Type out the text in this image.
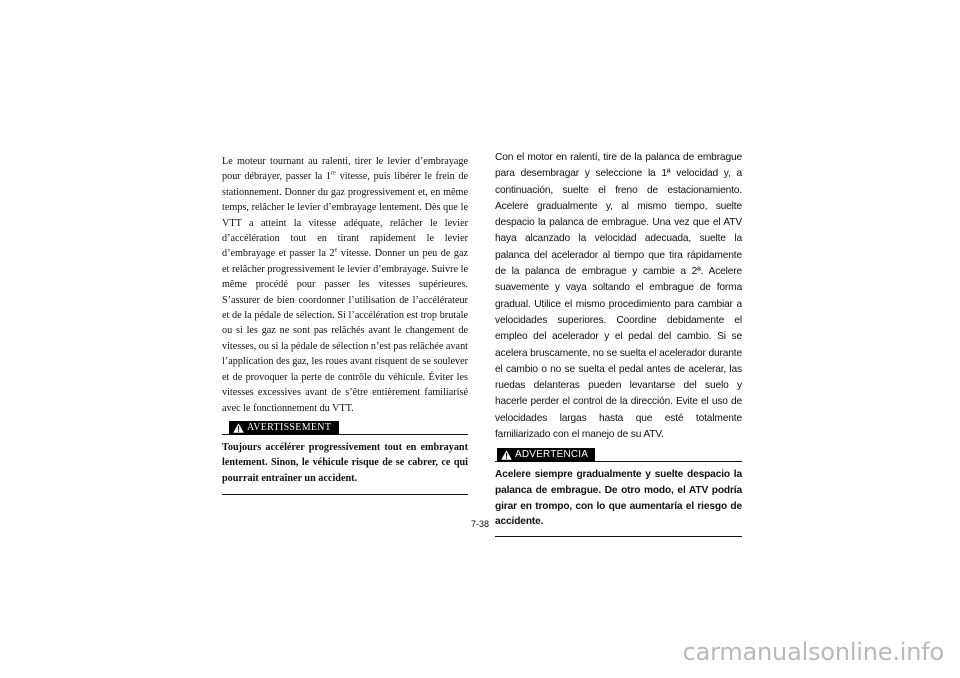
Le moteur tournant au ralenti, tirer le levier d’embrayage pour débrayer, passer la 1re vitesse, puis libérer le frein de stationnement. Donner du gaz progressivement et, en même temps, relâcher le levier d’embrayage lentement. Dès que le VTT a atteint la vitesse adéquate, relâcher le levier d’accélération tout en tirant rapidement le levier d’embrayage et passer la 2e vitesse. Donner un peu de gaz et relâcher progressivement le levier d’embrayage. Suivre le même procédé pour passer les vitesses supérieures. S’assurer de bien coordonner l’utilisation de l’accélérateur et de la pédale de sélection. Si l’accélération est trop brutale ou si les gaz ne sont pas relâchés avant le changement de vitesses, ou si la pédale de sélection n’est pas relâchée avant l’application des gaz, les roues avant risquent de se soulever et de provoquer la perte de contrôle du véhicule. Éviter les vitesses excessives avant de s’être entièrement familiarisé avec le fonctionnement du VTT.

AVERTISSEMENT

Toujours accélérer progressivement tout en embrayant lentement. Sinon, le véhicule risque de se cabrer, ce qui pourrait entraîner un accident.

Con el motor en ralentí, tire de la palanca de embrague para desembragar y seleccione la 1ª velocidad y, a continuación, suelte el freno de estacionamiento. Acelere gradualmente y, al mismo tiempo, suelte despacio la palanca de embrague. Una vez que el ATV haya alcanzado la velocidad adecuada, suelte la palanca del acelerador al tiempo que tira rápidamente de la palanca de embrague y cambie a 2ª. Acelere suavemente y vaya soltando el embrague de forma gradual. Utilice el mismo procedimiento para cambiar a velocidades superiores. Coordine debidamente el empleo del acelerador y el pedal del cambio. Si se acelera bruscamente, no se suelta el acelerador durante el cambio o no se suelta el pedal antes de acelerar, las ruedas delanteras pueden levantarse del suelo y hacerle perder el control de la dirección. Evite el uso de velocidades largas hasta que esté totalmente familiarizado con el manejo de su ATV.

ADVERTENCIA

Acelere siempre gradualmente y suelte despacio la palanca de embrague. De otro modo, el ATV podría girar en trompo, con lo que aumentaría el riesgo de accidente.

7-38
carmanualsonline.info
